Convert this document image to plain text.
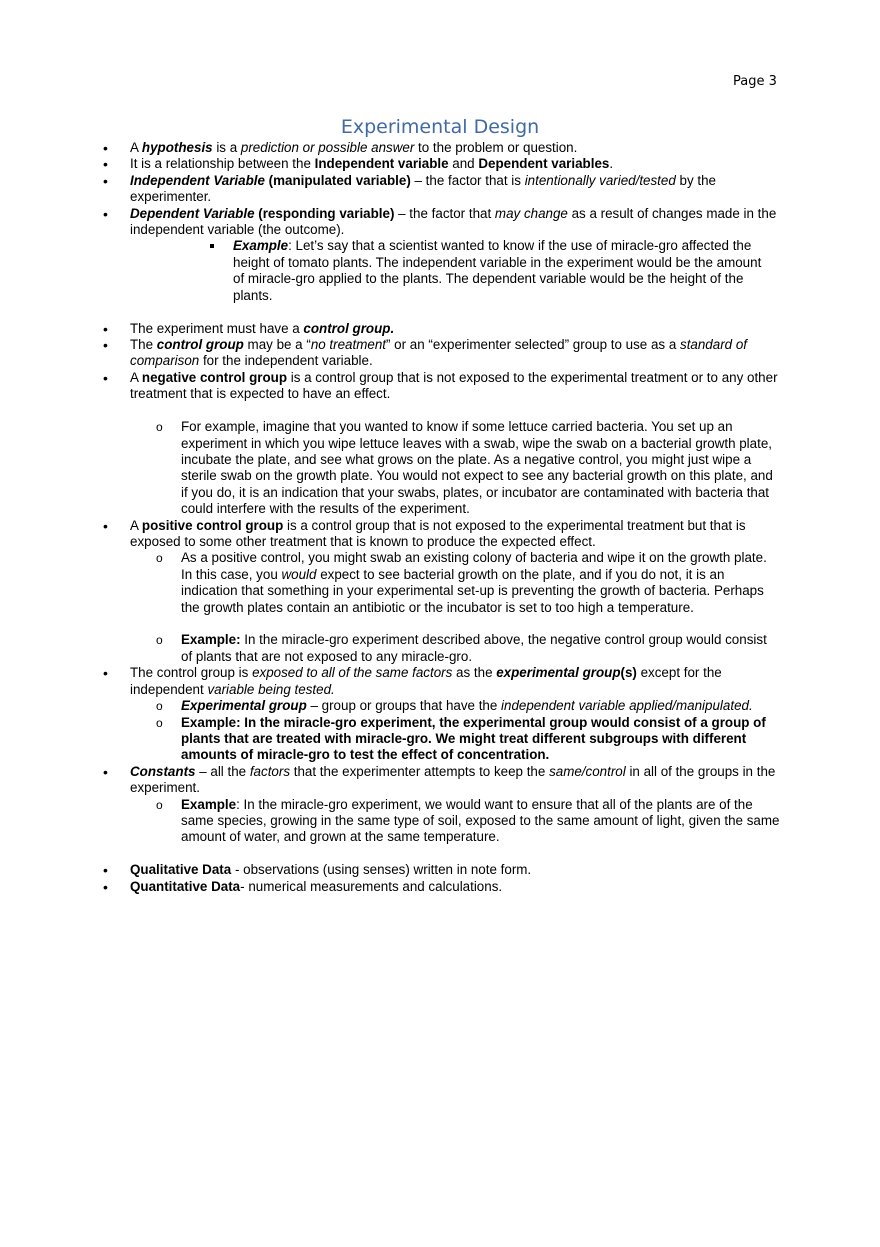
Page 3
Experimental Design
• A hypothesis is a prediction or possible answer to the problem or question.
• It is a relationship between the Independent variable and Dependent variables.
• Independent Variable (manipulated variable) – the factor that is intentionally varied/tested by the experimenter.
• Dependent Variable (responding variable) – the factor that may change as a result of changes made in the independent variable (the outcome).
Example: Let’s say that a scientist wanted to know if the use of miracle-gro affected the height of tomato plants. The independent variable in the experiment would be the amount of miracle-gro applied to the plants. The dependent variable would be the height of the plants.
• The experiment must have a control group.
• The control group may be a “no treatment” or an “experimenter selected” group to use as a standard of comparison for the independent variable.
• A negative control group is a control group that is not exposed to the experimental treatment or to any other treatment that is expected to have an effect.
o For example, imagine that you wanted to know if some lettuce carried bacteria. You set up an experiment in which you wipe lettuce leaves with a swab, wipe the swab on a bacterial growth plate, incubate the plate, and see what grows on the plate. As a negative control, you might just wipe a sterile swab on the growth plate. You would not expect to see any bacterial growth on this plate, and if you do, it is an indication that your swabs, plates, or incubator are contaminated with bacteria that could interfere with the results of the experiment.
• A positive control group is a control group that is not exposed to the experimental treatment but that is exposed to some other treatment that is known to produce the expected effect.
o As a positive control, you might swab an existing colony of bacteria and wipe it on the growth plate. In this case, you would expect to see bacterial growth on the plate, and if you do not, it is an indication that something in your experimental set-up is preventing the growth of bacteria. Perhaps the growth plates contain an antibiotic or the incubator is set to too high a temperature.
o Example: In the miracle-gro experiment described above, the negative control group would consist of plants that are not exposed to any miracle-gro.
• The control group is exposed to all of the same factors as the experimental group(s) except for the independent variable being tested.
o Experimental group – group or groups that have the independent variable applied/manipulated.
o Example: In the miracle-gro experiment, the experimental group would consist of a group of plants that are treated with miracle-gro. We might treat different subgroups with different amounts of miracle-gro to test the effect of concentration.
• Constants – all the factors that the experimenter attempts to keep the same/control in all of the groups in the experiment.
o Example: In the miracle-gro experiment, we would want to ensure that all of the plants are of the same species, growing in the same type of soil, exposed to the same amount of light, given the same amount of water, and grown at the same temperature.
• Qualitative Data - observations (using senses) written in note form.
• Quantitative Data- numerical measurements and calculations.
